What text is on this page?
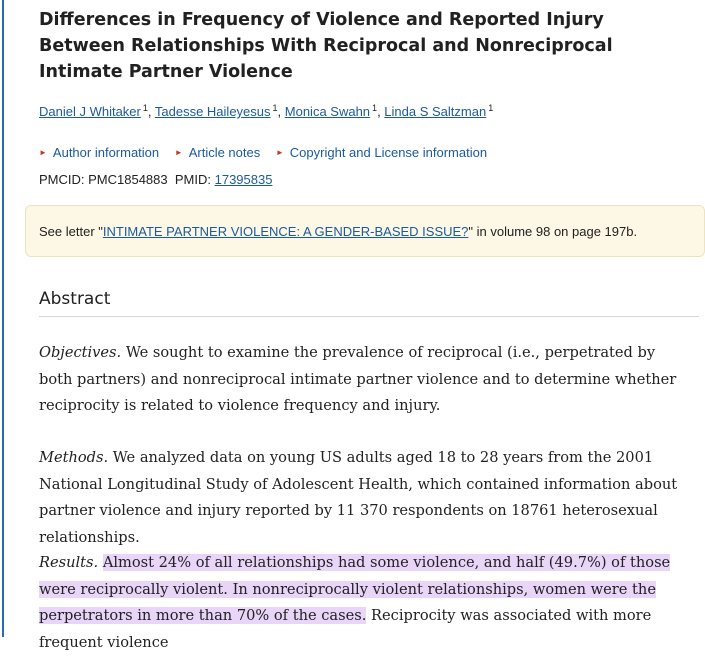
Differences in Frequency of Violence and Reported Injury Between Relationships With Reciprocal and Nonreciprocal Intimate Partner Violence
Daniel J Whitaker $^1$, Tadesse Haileyesus $^1$, Monica Swahn $^1$, Linda S Saltzman $^1$
► Author information ► Article notes ► Copyright and License information
PMCID: PMC1854883 PMID: 17395835
Abstract

Objectives. We sought to examine the prevalence of reciprocal (i.e., perpetrated by both partners) and nonreciprocal intimate partner violence and to determine whether reciprocity is related to violence frequency and injury.

Methods. We analyzed data on young US adults aged 18 to 28 years from the 2001 National Longitudinal Study of Adolescent Health, which contained information about partner violence and injury reported by 11 370 respondents on 18761 heterosexual relationships.

Results. Almost 24% of all relationships had some violence, and half (49.7%) of those were reciprocally violent. In nonreciprocally violent relationships, women were the perpetrators in more than 70% of the cases. Reciprocity was associated with more frequent violence

See letter "INTIMATE PARTNER VIOLENCE: A GENDER-BASED ISSUE?" in volume 98 on page 197b.
